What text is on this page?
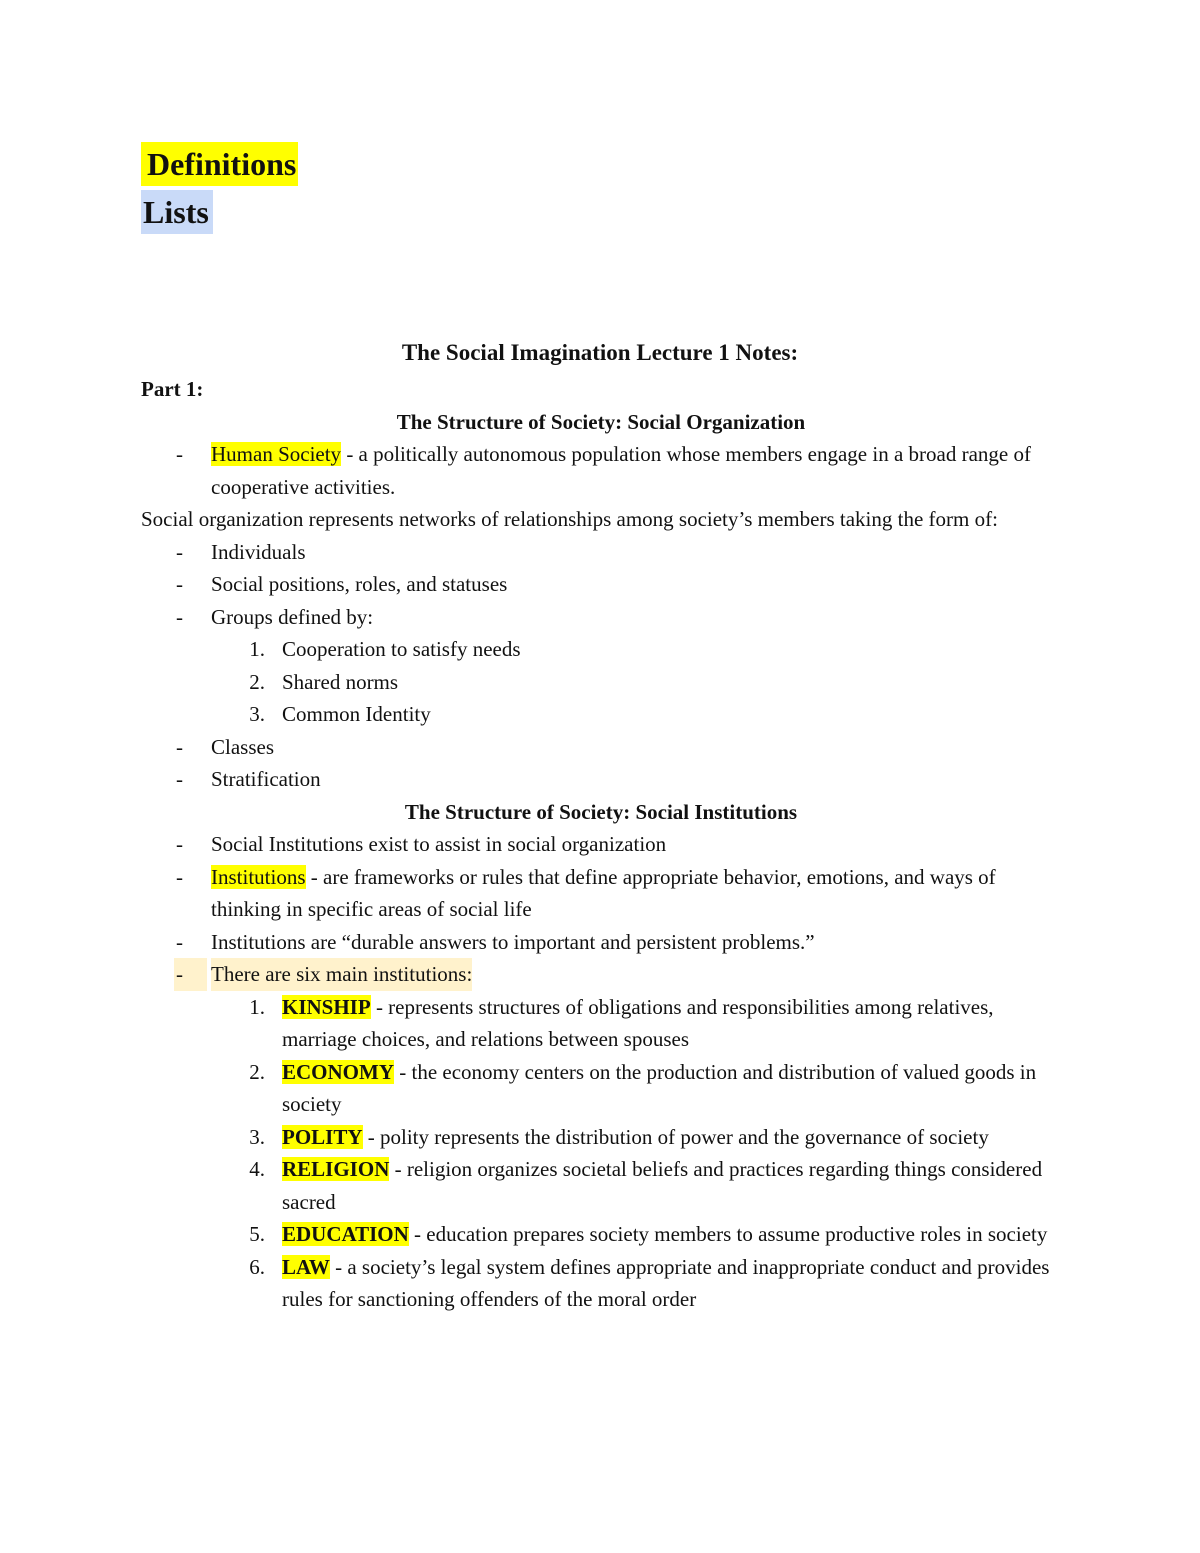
Definitions
Lists
The Social Imagination Lecture 1 Notes:
Part 1:
The Structure of Society: Social Organization
- Human Society - a politically autonomous population whose members engage in a broad range of cooperative activities.
Social organization represents networks of relationships among society’s members taking the form of:
- Individuals
- Social positions, roles, and statuses
- Groups defined by:
1. Cooperation to satisfy needs
2. Shared norms
3. Common Identity
- Classes
- Stratification
The Structure of Society: Social Institutions
- Social Institutions exist to assist in social organization
- Institutions - are frameworks or rules that define appropriate behavior, emotions, and ways of thinking in specific areas of social life
- Institutions are “durable answers to important and persistent problems.”
-	There are six main institutions:
1. KINSHIP - represents structures of obligations and responsibilities among relatives, marriage choices, and relations between spouses
2. ECONOMY - the economy centers on the production and distribution of valued goods in society
3. POLITY - polity represents the distribution of power and the governance of society
4. RELIGION - religion organizes societal beliefs and practices regarding things considered sacred
5. EDUCATION - education prepares society members to assume productive roles in society
6. LAW - a society’s legal system defines appropriate and inappropriate conduct and provides rules for sanctioning offenders of the moral order
